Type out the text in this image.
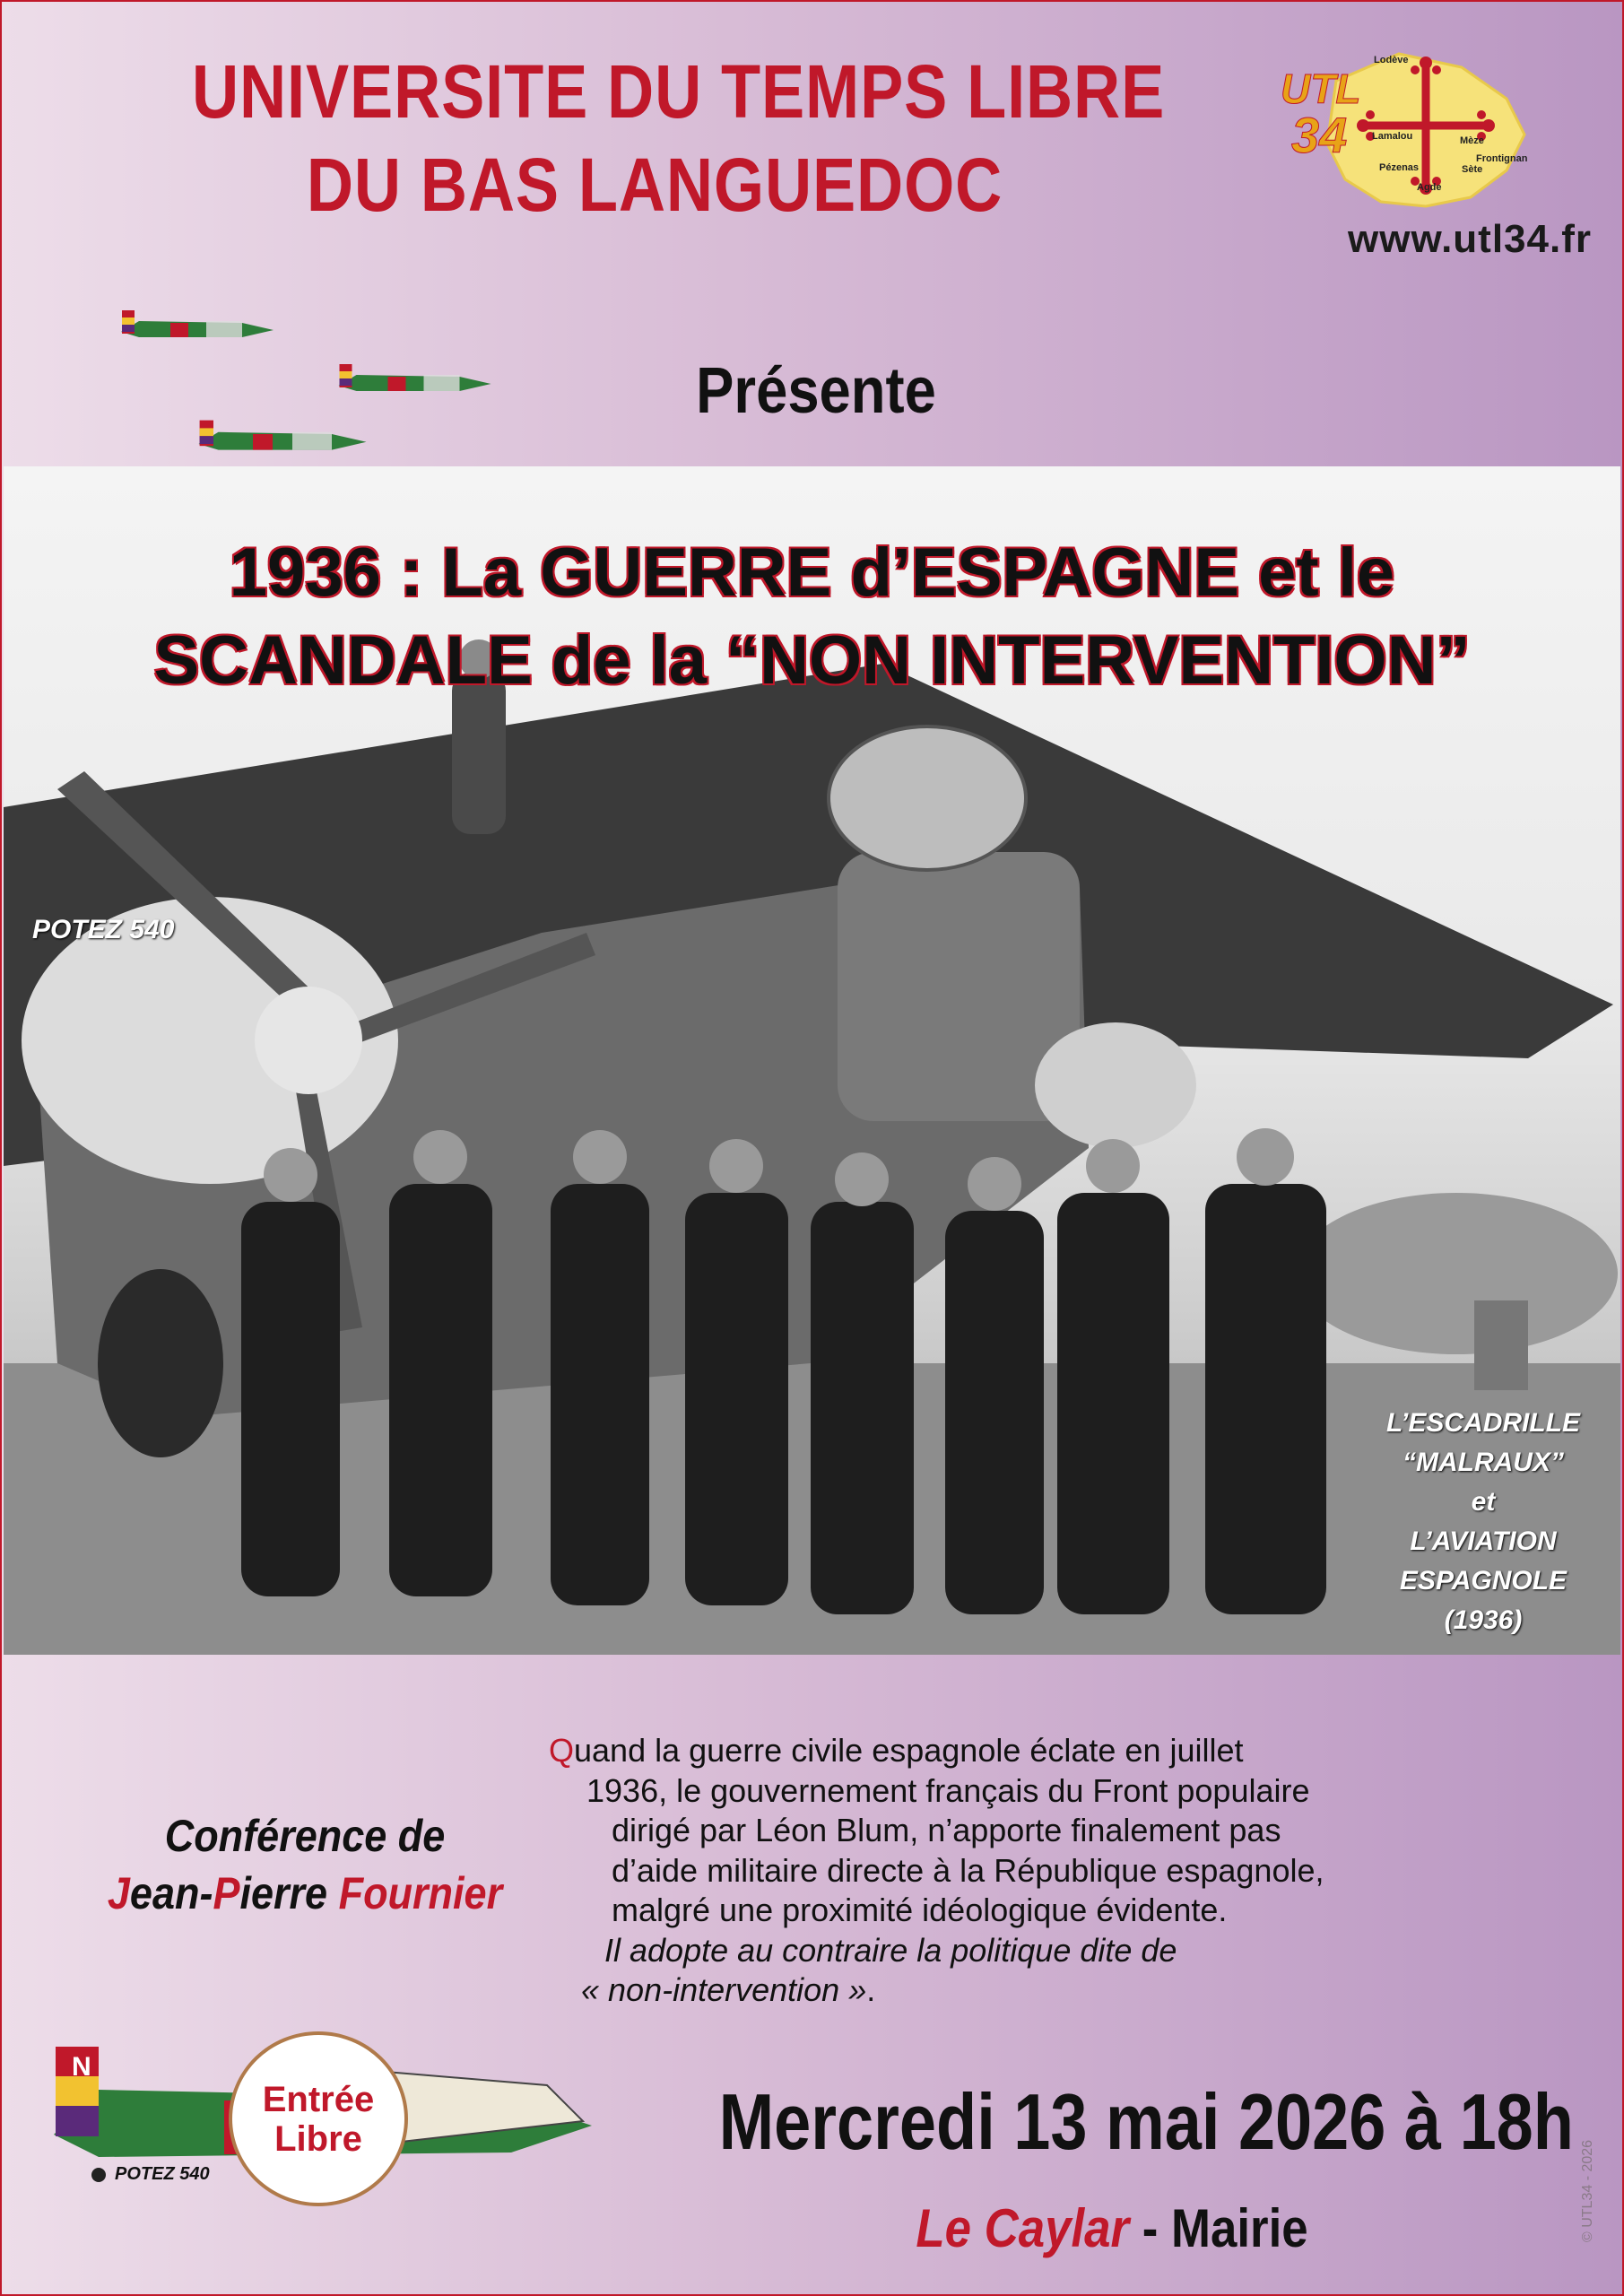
UNIVERSITE DU TEMPS LIBRE
DU BAS LANGUEDOC
UTL
34
Lodève
Lamalou	Mèze
Frontignan
Pézenas	Sète
Agde
www.utl34.fr
Présente
1936 : La GUERRE d’ESPAGNE et le
SCANDALE de la “NON INTERVENTION”
POTEZ 540
L’ESCADRILLE
“MALRAUX”
et
L’AVIATION
ESPAGNOLE
(1936)
Conférence de
Jean-Pierre Fournier
Quand la guerre civile espagnole éclate en juillet
1936, le gouvernement français du Front populaire
dirigé par Léon Blum, n’apporte finalement pas
d’aide militaire directe à la République espagnole,
malgré une proximité idéologique évidente.
Il adopte au contraire la politique dite de
« non-intervention ».
N
Entrée
Libre
POTEZ 540
Mercredi 13 mai 2026 à 18h
Le Caylar - Mairie	© UTL34 - 2026
